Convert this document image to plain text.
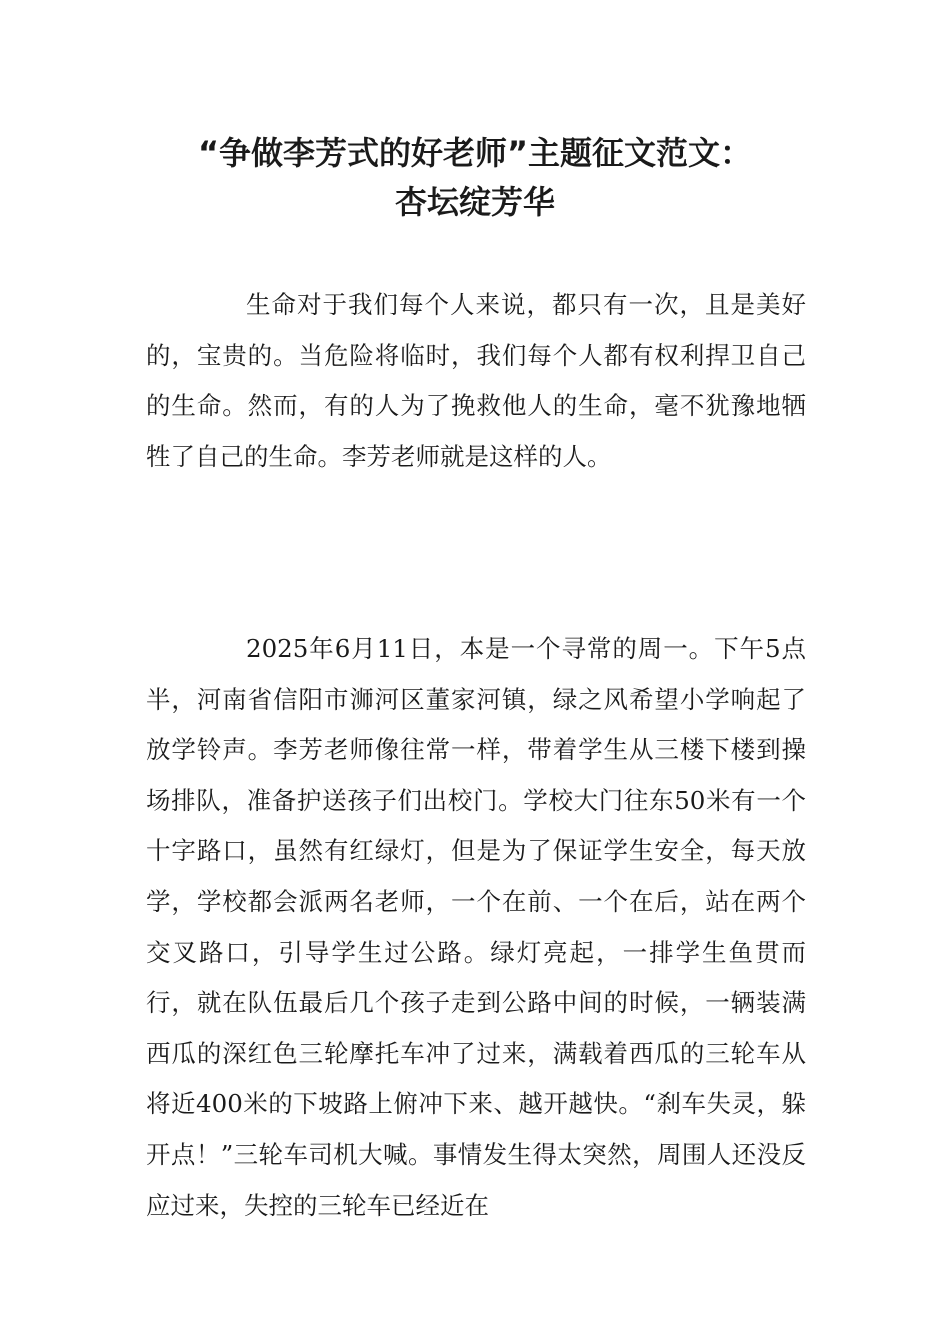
“争做李芳式的好老师”主题征文范文：
杏坛绽芳华

生命对于我们每个人来说，都只有一次，且是美好的，宝贵的。当危险将临时，我们每个人都有权利捍卫自己的生命。然而，有的人为了挽救他人的生命，毫不犹豫地牺牲了自己的生命。李芳老师就是这样的人。

2025年6月11日，本是一个寻常的周一。下午5点半，河南省信阳市浉河区董家河镇，绿之风希望小学响起了放学铃声。李芳老师像往常一样，带着学生从三楼下楼到操场排队，准备护送孩子们出校门。学校大门往东50米有一个十字路口，虽然有红绿灯，但是为了保证学生安全，每天放学，学校都会派两名老师，一个在前、一个在后，站在两个交叉路口，引导学生过公路。绿灯亮起，一排学生鱼贯而行，就在队伍最后几个孩子走到公路中间的时候，一辆装满西瓜的深红色三轮摩托车冲了过来，满载着西瓜的三轮车从将近400米的下坡路上俯冲下来、越开越快。“刹车失灵，躲开点！”三轮车司机大喊。事情发生得太突然，周围人还没反应过来，失控的三轮车已经近在
